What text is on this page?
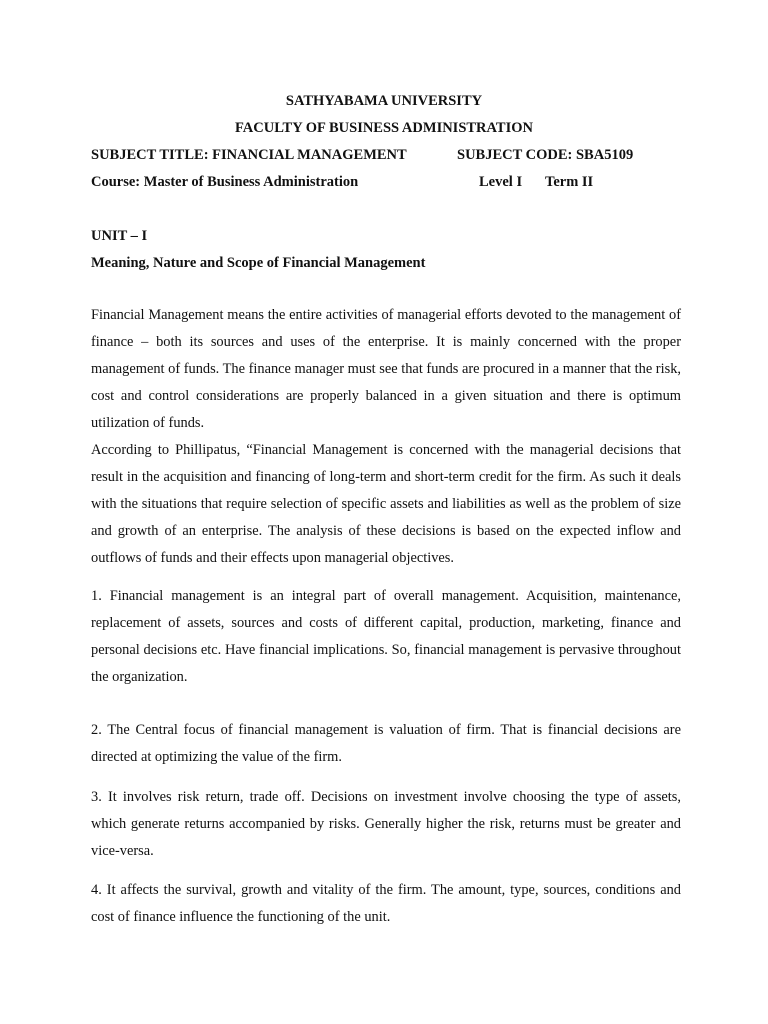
SATHYABAMA UNIVERSITY
FACULTY OF BUSINESS ADMINISTRATION
SUBJECT TITLE: FINANCIAL MANAGEMENT	SUBJECT CODE: SBA5109
Course: Master of Business Administration	Level I Term II
UNIT – I
Meaning, Nature and Scope of Financial Management

Financial Management means the entire activities of managerial efforts devoted to the management of finance – both its sources and uses of the enterprise. It is mainly concerned with the proper management of funds. The finance manager must see that funds are procured in a manner that the risk, cost and control considerations are properly balanced in a given situation and there is optimum utilization of funds.

According to Phillipatus, “Financial Management is concerned with the managerial decisions that result in the acquisition and financing of long-term and short-term credit for the firm. As such it deals with the situations that require selection of specific assets and liabilities as well as the problem of size and growth of an enterprise. The analysis of these decisions is based on the expected inflow and outflows of funds and their effects upon managerial objectives.

1. Financial management is an integral part of overall management. Acquisition, maintenance, replacement of assets, sources and costs of different capital, production, marketing, finance and personal decisions etc. Have financial implications. So, financial management is pervasive throughout the organization.
2. The Central focus of financial management is valuation of firm. That is financial decisions are directed at optimizing the value of the firm.
3. It involves risk return, trade off. Decisions on investment involve choosing the type of assets, which generate returns accompanied by risks. Generally higher the risk, returns must be greater and vice-versa.
4. It affects the survival, growth and vitality of the firm. The amount, type, sources, conditions and cost of finance influence the functioning of the unit.
